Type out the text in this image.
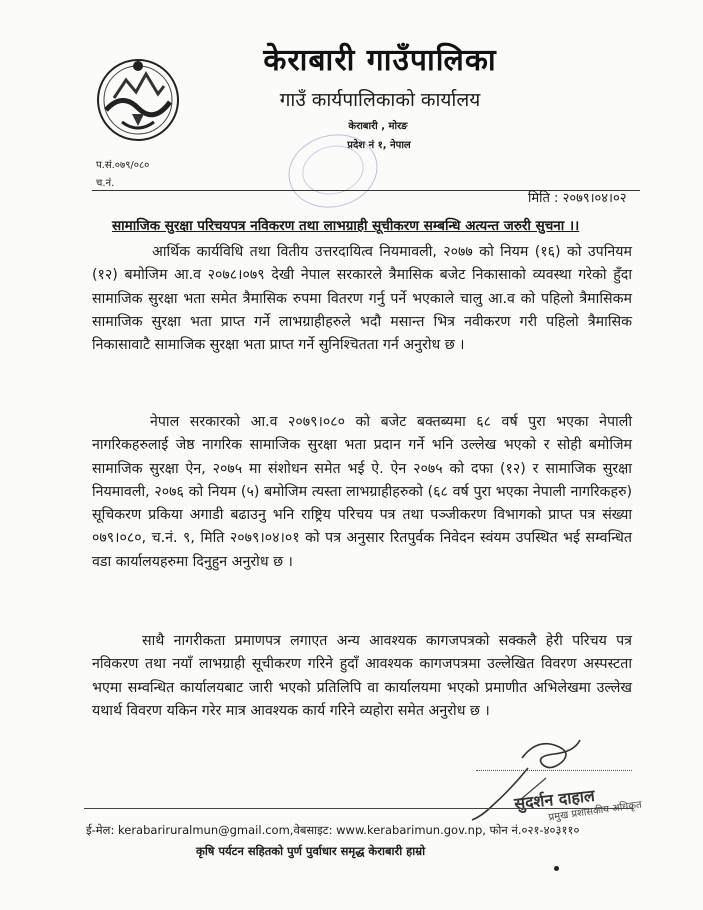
केराबारी गाउँपालिका
गाउँ कार्यपालिकाको कार्यालय
केराबारी , मोरङ
प्रदेश नं १, नेपाल
प.सं.०७९/०८०
च.नं.
मिति : २०७९।०४।०२
सामाजिक सुरक्षा परिचयपत्र नविकरण तथा लाभग्राही सूचीकरण सम्बन्धि अत्यन्त जरुरी सुचना ।।
आर्थिक कार्यविधि तथा वितीय उत्तरदायित्व नियमावली, २०७७ को नियम (१६) को उपनियम (१२) बमोजिम आ.व २०७८।०७९ देखी नेपाल सरकारले त्रैमासिक बजेट निकासाको व्यवस्था गरेको हुँदा सामाजिक सुरक्षा भता समेत त्रैमासिक रुपमा वितरण गर्नु पर्ने भएकाले चालु आ.व को पहिलो त्रैमासिकम सामाजिक सुरक्षा भता प्राप्त गर्ने लाभग्राहीहरुले भदौ मसान्त भित्र नवीकरण गरी पहिलो त्रैमासिक निकासावाटै सामाजिक सुरक्षा भता प्राप्त गर्ने सुनिश्चितता गर्न अनुरोध छ ।
नेपाल सरकारको आ.व २०७९।०८० को बजेट बक्तब्यमा ६८ वर्ष पुरा भएका नेपाली नागरिकहरुलाई जेष्ठ नागरिक सामाजिक सुरक्षा भता प्रदान गर्ने भनि उल्लेख भएको र सोही बमोजिम सामाजिक सुरक्षा ऐन, २०७५ मा संशोधन समेत भई ऐ. ऐन २०७५ को दफा (१२) र सामाजिक सुरक्षा नियमावली, २०७६ को नियम (५) बमोजिम त्यस्ता लाभग्राहीहरुको (६८ वर्ष पुरा भएका नेपाली नागरिकहरु) सूचिकरण प्रकिया अगाडी बढाउनु भनि राष्ट्रिय परिचय पत्र तथा पञ्जीकरण विभागको प्राप्त पत्र संख्या ०७९।०८०, च.नं. ९, मिति २०७९।०४।०१ को पत्र अनुसार रितपुर्वक निवेदन स्वंयम उपस्थित भई सम्वन्धित वडा कार्यालयहरुमा दिनुहुन अनुरोध छ ।
साथै नागरीकता प्रमाणपत्र लगाएत अन्य आवश्यक कागजपत्रको सक्कलै हेरी परिचय पत्र नविकरण तथा नयाँ लाभग्राही सूचीकरण गरिने हुदाँ आवश्यक कागजपत्रमा उल्लेखित विवरण अस्पस्टता भएमा सम्वन्धित कार्यालयबाट जारी भएको प्रतिलिपि वा कार्यालयमा भएको प्रमाणीत अभिलेखमा उल्लेख यथार्थ विवरण यकिन गरेर मात्र आवश्यक कार्य गरिने व्यहोरा समेत अनुरोध छ ।
सुदर्शन दाहाल
प्रमुख प्रशासकीय अधिकृत
ई-मेल: kerabariruralmun@gmail.com,वेबसाइट: www.kerabarimun.gov.np, फोन नं.०२१-४०३११०
कृषि पर्यटन सहितको पुर्ण पुर्वाधार समृद्ध केराबारी हाम्रो
